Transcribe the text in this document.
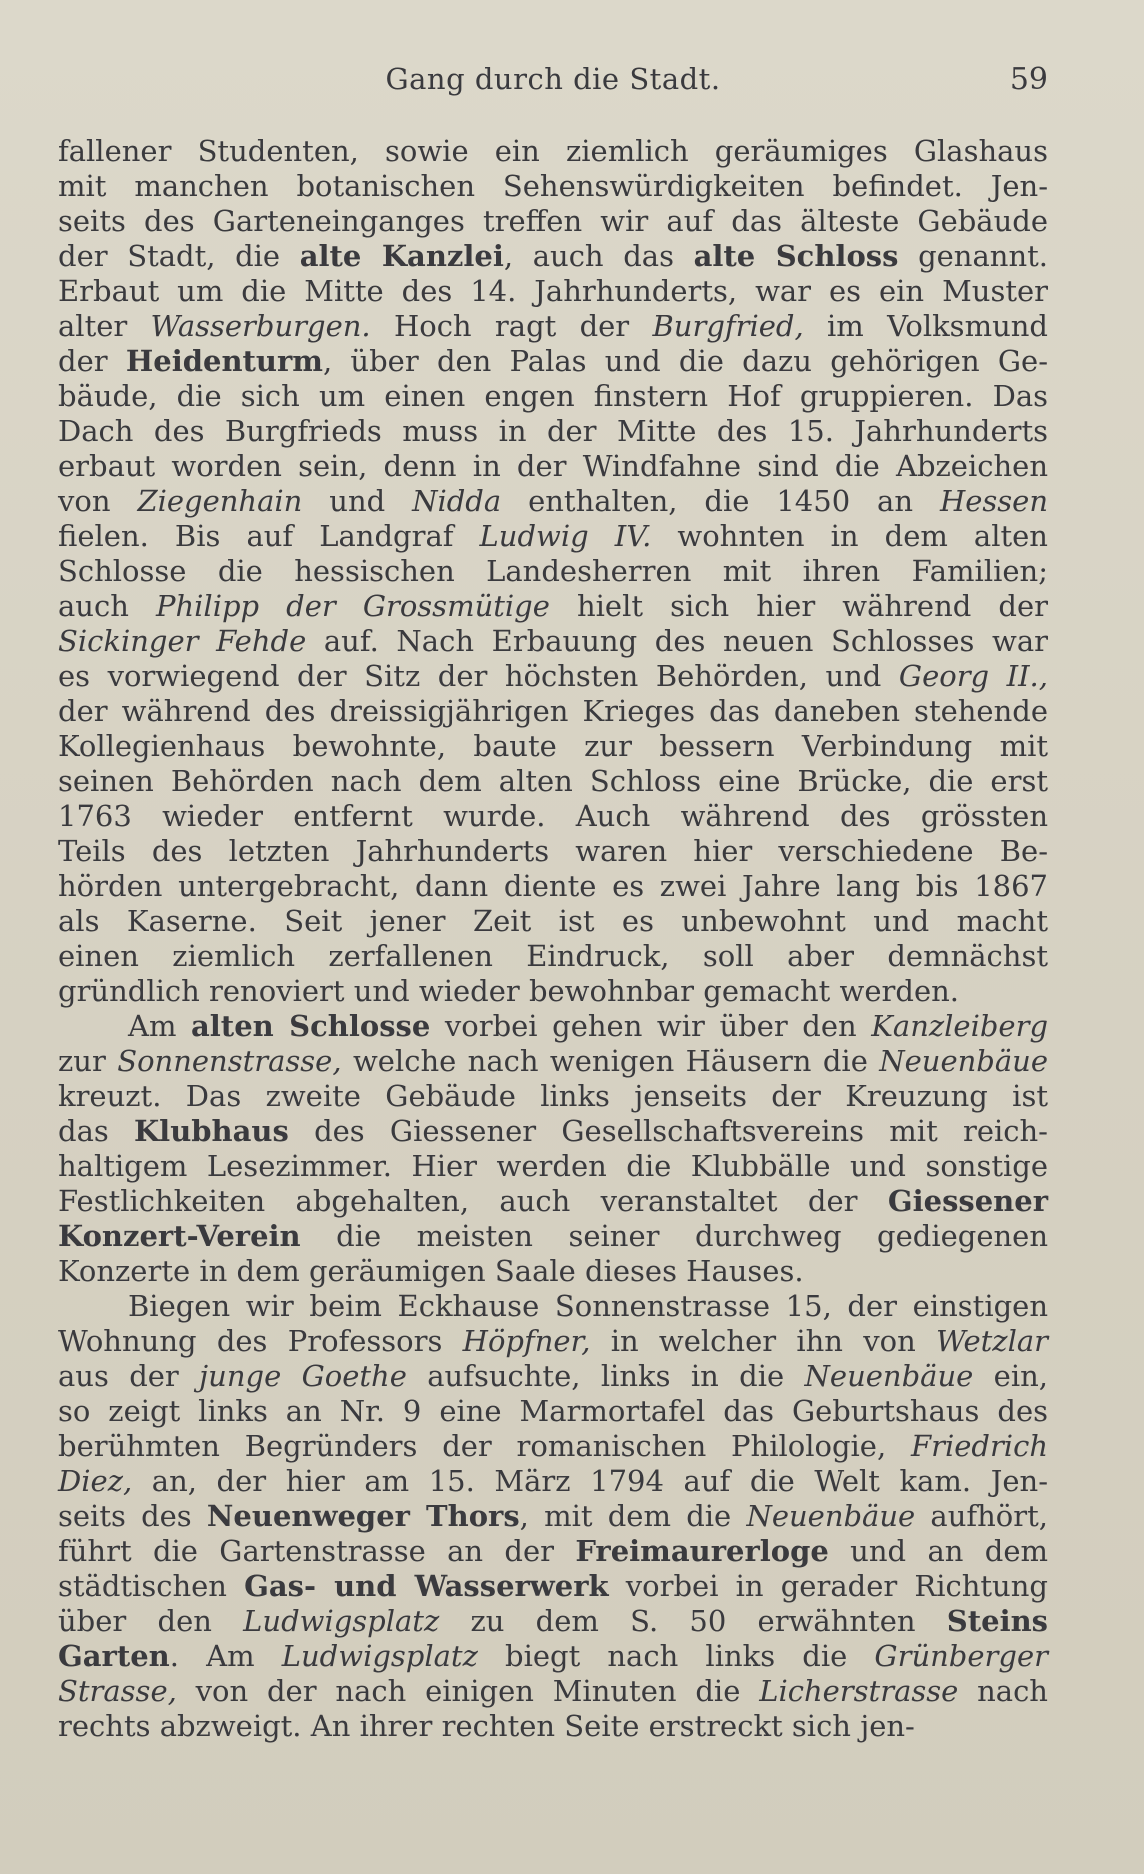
Gang durch die Stadt.	59
fallener Studenten, sowie ein ziemlich geräumiges Glashaus
mit manchen botanischen Sehenswürdigkeiten befindet. Jen-
seits des Garteneinganges treffen wir auf das älteste Gebäude
der Stadt, die alte Kanzlei, auch das alte Schloss genannt.
Erbaut um die Mitte des 14. Jahrhunderts, war es ein Muster
alter Wasserburgen. Hoch ragt der Burgfried, im Volksmund
der Heidenturm, über den Palas und die dazu gehörigen Ge-
bäude, die sich um einen engen finstern Hof gruppieren. Das
Dach des Burgfrieds muss in der Mitte des 15. Jahrhunderts
erbaut worden sein, denn in der Windfahne sind die Abzeichen
von Ziegenhain und Nidda enthalten, die 1450 an Hessen
fielen. Bis auf Landgraf Ludwig IV. wohnten in dem alten
Schlosse die hessischen Landesherren mit ihren Familien;
auch Philipp der Grossmütige hielt sich hier während der
Sickinger Fehde auf. Nach Erbauung des neuen Schlosses war
es vorwiegend der Sitz der höchsten Behörden, und Georg II.,
der während des dreissigjährigen Krieges das daneben stehende
Kollegienhaus bewohnte, baute zur bessern Verbindung mit
seinen Behörden nach dem alten Schloss eine Brücke, die erst
1763 wieder entfernt wurde. Auch während des grössten
Teils des letzten Jahrhunderts waren hier verschiedene Be-
hörden untergebracht, dann diente es zwei Jahre lang bis 1867
als Kaserne. Seit jener Zeit ist es unbewohnt und macht
einen ziemlich zerfallenen Eindruck, soll aber demnächst
gründlich renoviert und wieder bewohnbar gemacht werden.
Am alten Schlosse vorbei gehen wir über den Kanzleiberg
zur Sonnenstrasse, welche nach wenigen Häusern die Neuenbäue
kreuzt. Das zweite Gebäude links jenseits der Kreuzung ist
das Klubhaus des Giessener Gesellschaftsvereins mit reich-
haltigem Lesezimmer. Hier werden die Klubbälle und sonstige
Festlichkeiten abgehalten, auch veranstaltet der Giessener
Konzert-Verein die meisten seiner durchweg gediegenen
Konzerte in dem geräumigen Saale dieses Hauses.
Biegen wir beim Eckhause Sonnenstrasse 15, der einstigen
Wohnung des Professors Höpfner, in welcher ihn von Wetzlar
aus der junge Goethe aufsuchte, links in die Neuenbäue ein,
so zeigt links an Nr. 9 eine Marmortafel das Geburtshaus des
berühmten Begründers der romanischen Philologie, Friedrich
Diez, an, der hier am 15. März 1794 auf die Welt kam. Jen-
seits des Neuenweger Thors, mit dem die Neuenbäue aufhört,
führt die Gartenstrasse an der Freimaurerloge und an dem
städtischen Gas- und Wasserwerk vorbei in gerader Richtung
über den Ludwigsplatz zu dem S. 50 erwähnten Steins
Garten. Am Ludwigsplatz biegt nach links die Grünberger
Strasse, von der nach einigen Minuten die Licherstrasse nach
rechts abzweigt. An ihrer rechten Seite erstreckt sich jen-
